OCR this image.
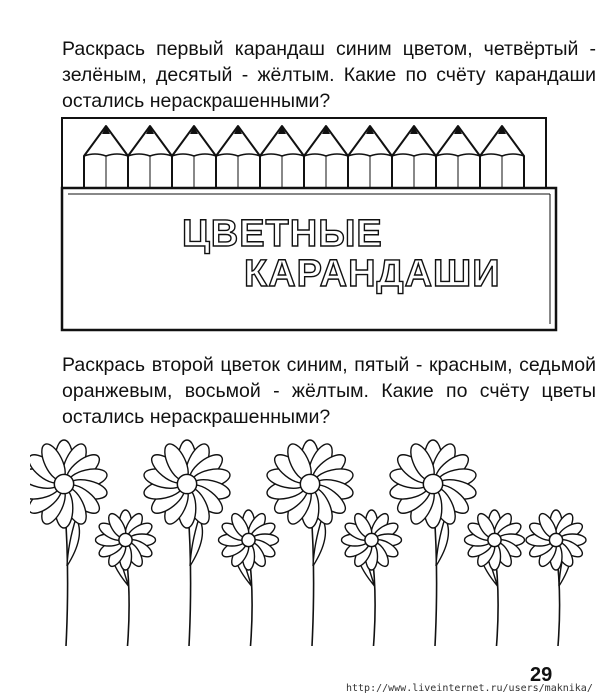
Раскрась первый карандаш синим цветом, четвёртый - зелёным, десятый - жёлтым. Какие по счёту карандаши остались нераскрашенными?
ЦВЕТНЫЕ
КАРАНДАШИ
Раскрась второй цветок синим, пятый - красным, седьмой оранжевым, восьмой - жёлтым. Какие по счёту цветы остались нераскрашенными?
29
http://www.liveinternet.ru/users/maknika/
